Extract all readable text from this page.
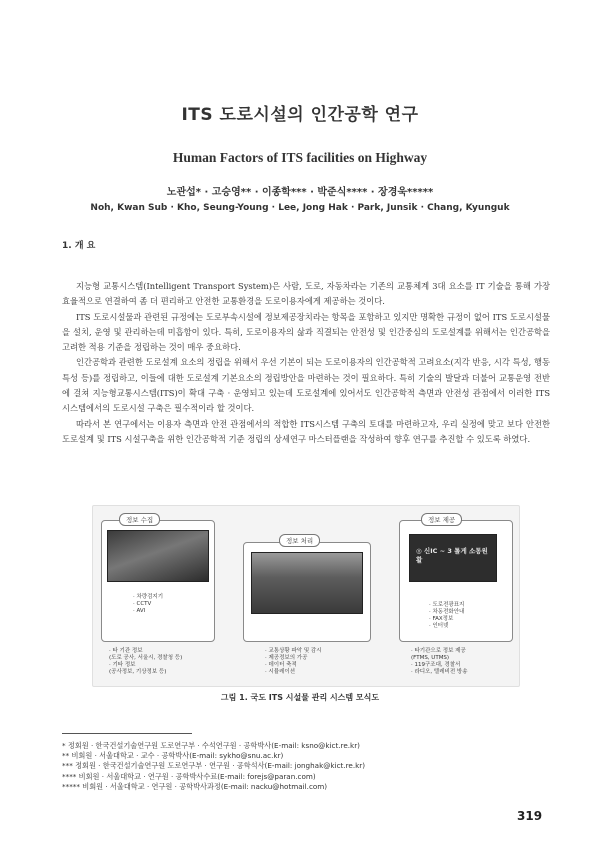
ITS 도로시설의 인간공학 연구
Human Factors of ITS facilities on Highway
노관섭* · 고승영** · 이종학*** · 박준식**** · 장경욱*****
Noh, Kwan Sub · Kho, Seung-Young · Lee, Jong Hak · Park, Junsik · Chang, Kyunguk
1. 개 요

지능형 교통시스템(Intelligent Transport System)은 사람, 도로, 자동차라는 기존의 교통체계 3대 요소를 IT 기술을 통해 가장 효율적으로 연결하여 좀 더 편리하고 안전한 교통환경을 도로이용자에게 제공하는 것이다.

ITS 도로시설물과 관련된 규정에는 도로부속시설에 정보제공장치라는 항목을 포함하고 있지만 명확한 규정이 없어 ITS 도로시설물을 설치, 운영 및 관리하는데 미흡함이 있다. 특히, 도로이용자의 삶과 직결되는 안전성 및 인간중심의 도로설계를 위해서는 인간공학을 고려한 적용 기준을 정립하는 것이 매우 중요하다.

인간공학과 관련한 도로설계 요소의 정립을 위해서 우선 기본이 되는 도로이용자의 인간공학적 고려요소(지각 반응, 시각 특성, 행동 특성 등)를 정립하고, 이들에 대한 도로설계 기본요소의 정립방안을 마련하는 것이 필요하다. 특히 기술의 발달과 더불어 교통운영 전반에 걸쳐 지능형교통시스템(ITS)이 확대 구축 · 운영되고 있는데 도로설계에 있어서도 인간공학적 측면과 안전성 관점에서 이러한 ITS 시스템에서의 도로시설 구축은 필수적이라 할 것이다.

따라서 본 연구에서는 이용자 측면과 안전 관점에서의 적합한 ITS시스템 구축의 토대를 마련하고자, 우리 실정에 맞고 보다 안전한 도로설계 및 ITS 시설구축을 위한 인간공학적 기준 정립의 상세연구 마스터플랜을 작성하여 향후 연구를 추진할 수 있도록 하였다.

정보 수집
· 차량검지기
· CCTV
· AVI
· 타 기관 정보
(도로 공사, 서울시, 경찰청 등)
· 기타 정보
(공사정보, 기상정보 등)
정보 처리
· 교통상황 파악 및 감시
· 제공정보의 가공
· 데이터 축적
· 시뮬레이션
정보 제공
◎ 신IC ~ 3 톨게 소통원활
· 도로전광표지
· 차동전화안내
· FAX정보
· 인터넷
· 타기관으로 정보 제공
(FTMS, UTMS)
· 119구조대, 경찰서
· 라디오, 텔레비전 방송
그림 1. 국도 ITS 시설물 관리 시스템 모식도
* 정회원 · 한국건설기술연구원 도로연구부 · 수석연구원 · 공학박사(E-mail: ksno@kict.re.kr)
** 비회원 · 서울대학교 · 교수 · 공학박사(E-mail: sykho@snu.ac.kr)
*** 정회원 · 한국건설기술연구원 도로연구부 · 연구원 · 공학석사(E-mail: jonghak@kict.re.kr)
**** 비회원 · 서울대학교 · 연구원 · 공학박사수료(E-mail: forejs@paran.com)
***** 비회원 · 서울대학교 · 연구원 · 공학박사과정(E-mail: nacku@hotmail.com)
319
